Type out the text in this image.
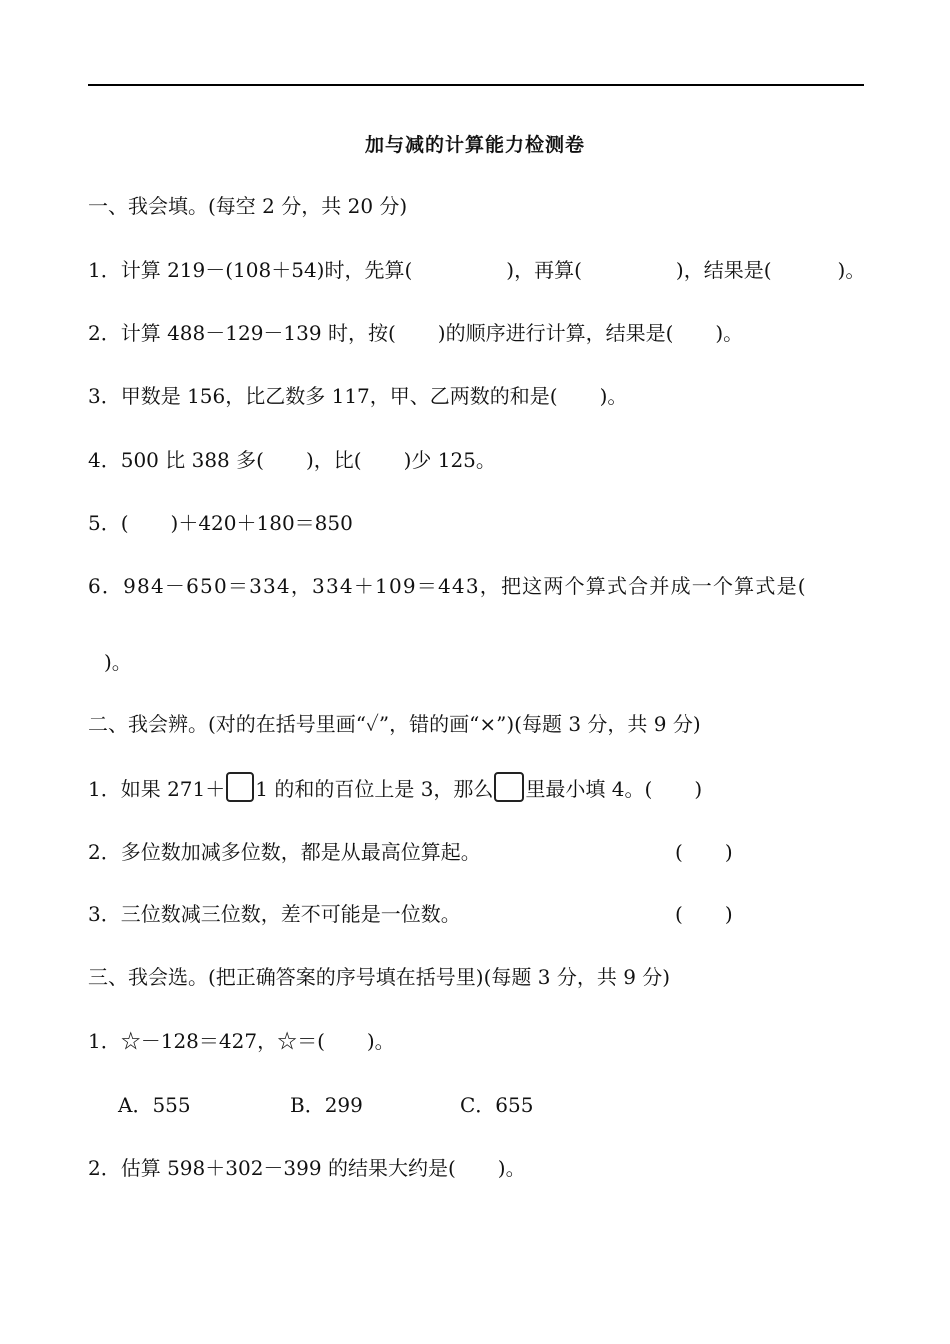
加与减的计算能力检测卷
一、我会填。(每空 2 分，共 20 分)
1．计算 219－(108＋54)时，先算(	)，再算(	)，结果是(	)。
2．计算 488－129－139 时，按( )的顺序进行计算，结果是( )。
3．甲数是 156，比乙数多 117，甲、乙两数的和是( )。
4．500 比 388 多( )，比( )少 125。
5．( )＋420＋180＝850
6．984－650＝334，334＋109＝443，把这两个算式合并成一个算式是(
)。
二、我会辨。(对的在括号里画“✓”，错的画“×”)(每题 3 分，共 9 分)
1．如果 271＋ 1 的和的百位上是 3，那么 里最小填 4。( )
2．多位数加减多位数，都是从最高位算起。	( )
3．三位数减三位数，差不可能是一位数。	( )
三、我会选。(把正确答案的序号填在括号里)(每题 3 分，共 9 分)
1．☆－128＝427，☆＝( )。
A．555	B．299	C．655
2．估算 598＋302－399 的结果大约是( )。
